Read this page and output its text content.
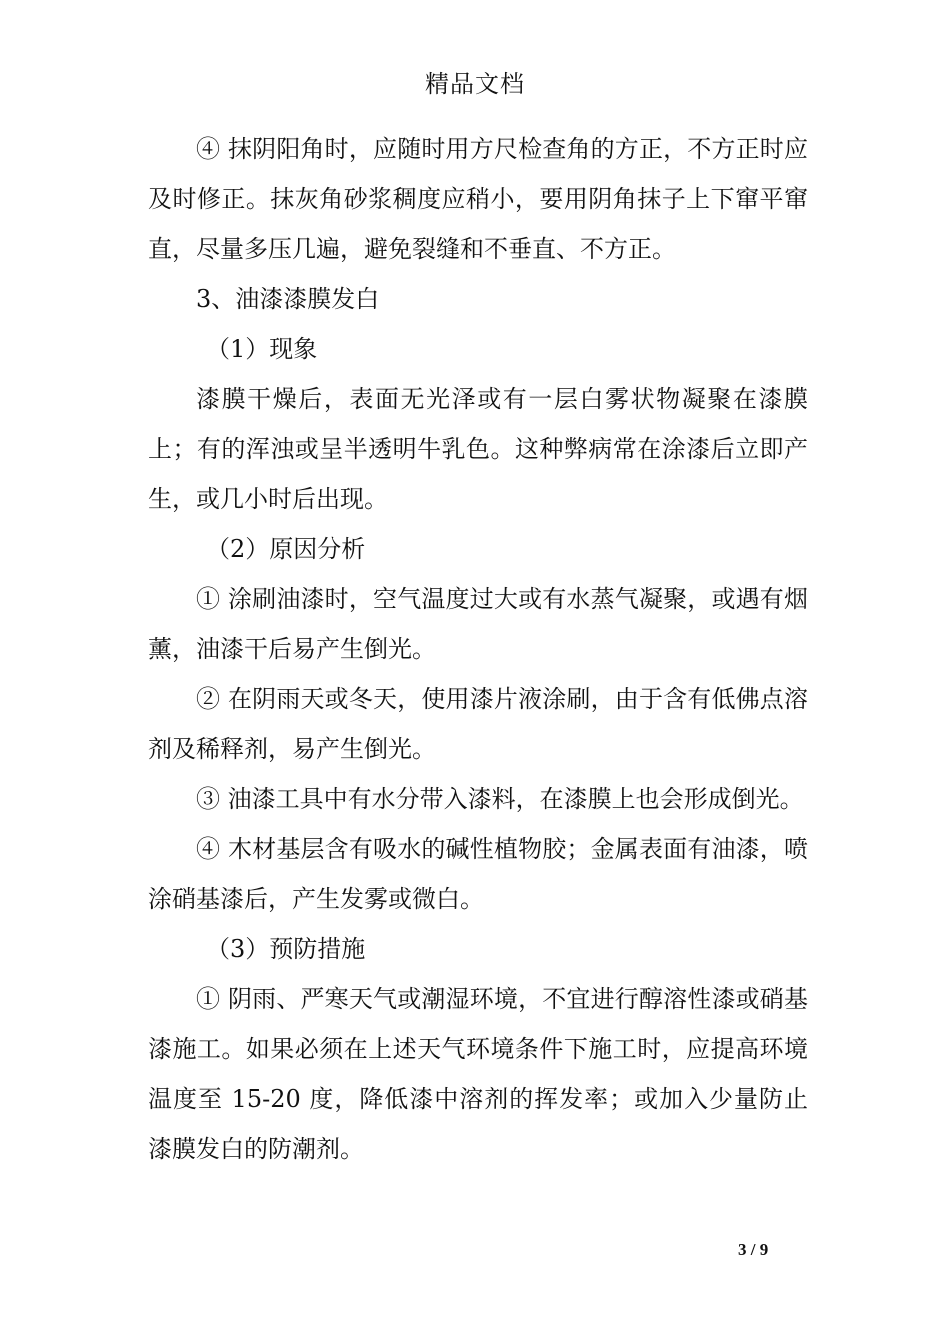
精品文档

④ 抹阴阳角时，应随时用方尺检查角的方正，不方正时应及时修正。抹灰角砂浆稠度应稍小，要用阴角抹子上下窜平窜直，尽量多压几遍，避免裂缝和不垂直、不方正。

3、油漆漆膜发白

（1）现象

漆膜干燥后，表面无光泽或有一层白雾状物凝聚在漆膜上；有的浑浊或呈半透明牛乳色。这种弊病常在涂漆后立即产生，或几小时后出现。

（2）原因分析

① 涂刷油漆时，空气温度过大或有水蒸气凝聚，或遇有烟薰，油漆干后易产生倒光。

② 在阴雨天或冬天，使用漆片液涂刷，由于含有低佛点溶剂及稀释剂，易产生倒光。

③ 油漆工具中有水分带入漆料，在漆膜上也会形成倒光。

④ 木材基层含有吸水的碱性植物胶；金属表面有油漆，喷涂硝基漆后，产生发雾或微白。

（3）预防措施

① 阴雨、严寒天气或潮湿环境，不宜进行醇溶性漆或硝基漆施工。如果必须在上述天气环境条件下施工时，应提高环境温度至 15-20 度，降低漆中溶剂的挥发率；或加入少量防止漆膜发白的防潮剂。

3 / 9
